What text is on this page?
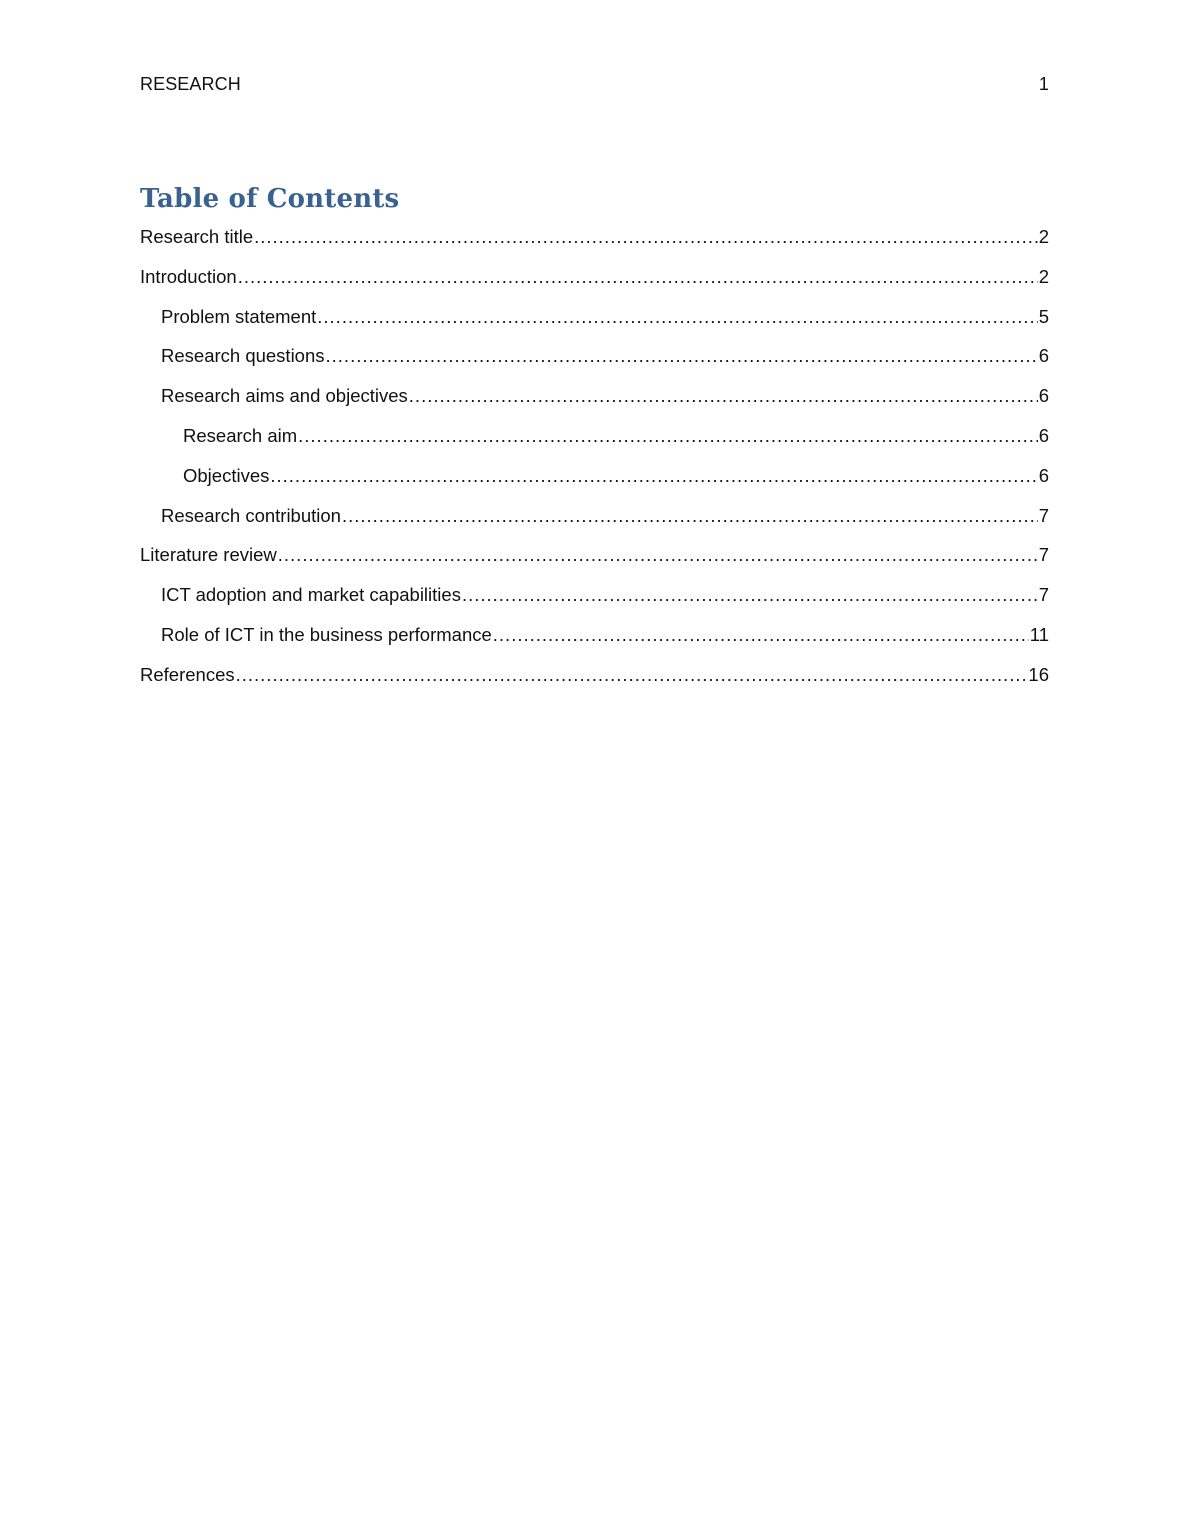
RESEARCH	1
Table of Contents
Research title .....	2
Introduction .....	2
Problem statement .....	5
Research questions .....	6
Research aims and objectives .....	6
Research aim .....	6
Objectives .....	6
Research contribution .....	7
Literature review .....	7
ICT adoption and market capabilities .....	7
Role of ICT in the business performance .....	11
References .....	16
